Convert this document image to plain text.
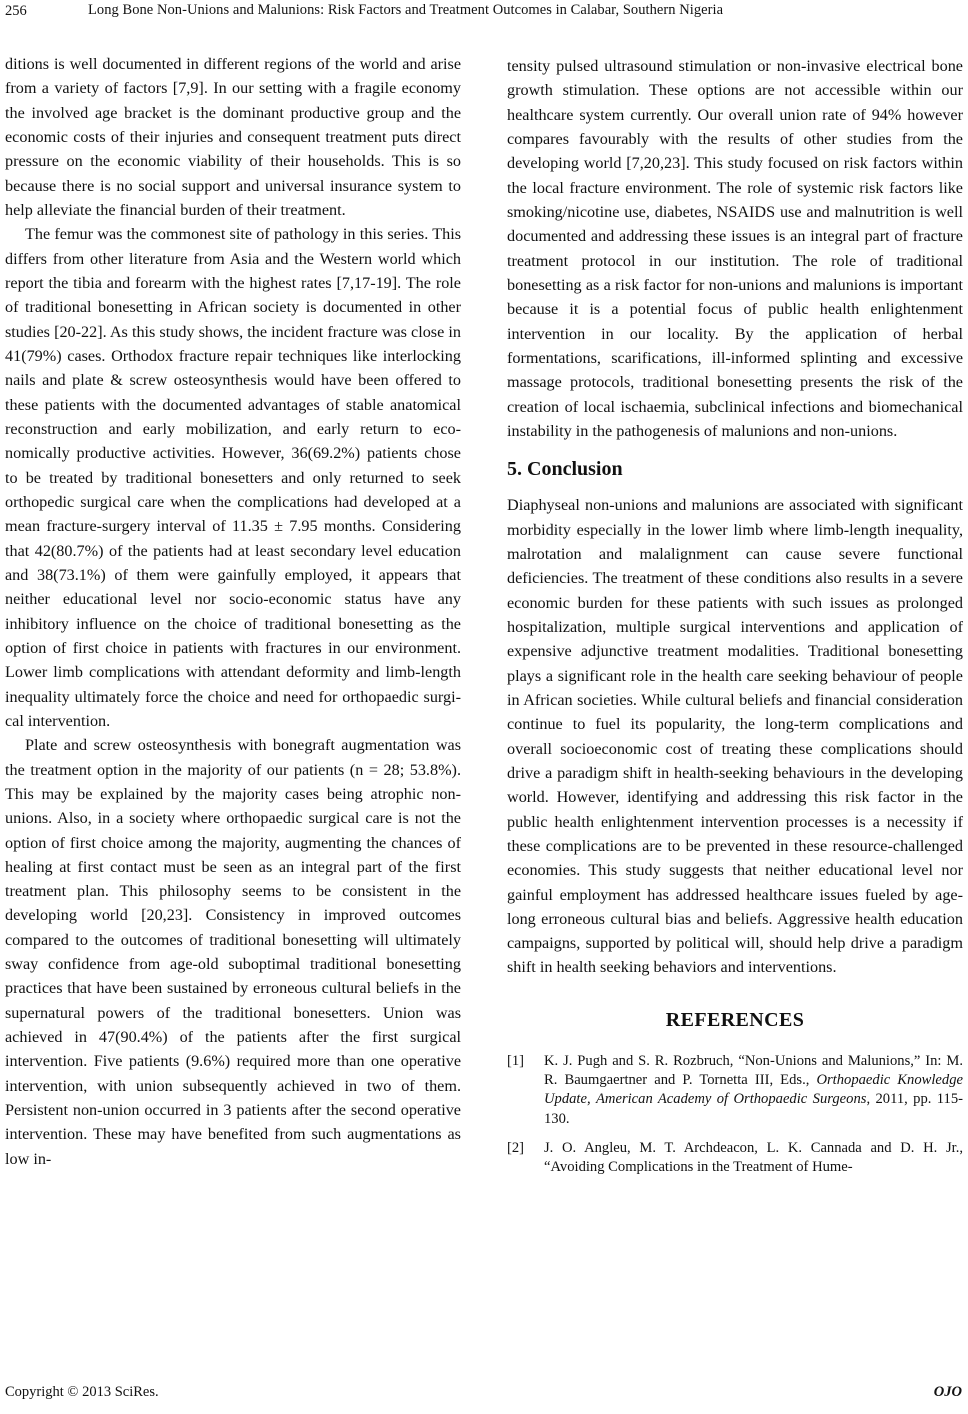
256	Long Bone Non-Unions and Malunions: Risk Factors and Treatment Outcomes in Calabar, Southern Nigeria

ditions is well documented in different regions of the world and arise from a variety of factors [7,9]. In our setting with a fragile economy the involved age bracket is the dominant productive group and the economic costs of their injuries and consequent treatment puts direct pressure on the economic viability of their households. This is so because there is no social support and universal insurance system to help alleviate the financial burden of their treatment.

The femur was the commonest site of pathology in this series. This differs from other literature from Asia and the Western world which report the tibia and forearm with the highest rates [7,17-19]. The role of traditional bonesetting in African society is documented in other studies [20-22]. As this study shows, the incident fracture was close in 41(79%) cases. Orthodox fracture repair techniques like interlocking nails and plate & screw osteosynthesis would have been offered to these patients with the documented advantages of stable anatomical reconstruction and early mobilization, and early return to economically productive activities. However, 36(69.2%) patients chose to be treated by traditional bonesetters and only returned to seek orthopedic surgical care when the complications had developed at a mean fracture-surgery interval of 11.35 ± 7.95 months. Considering that 42(80.7%) of the patients had at least secondary level education and 38(73.1%) of them were gainfully employed, it appears that neither educational level nor socio-economic status have any inhibitory influence on the choice of traditional bonesetting as the option of first choice in patients with fractures in our environment. Lower limb complications with attendant deformity and limb-length inequality ultimately force the choice and need for orthopaedic surgical intervention.

Plate and screw osteosynthesis with bonegraft augmentation was the treatment option in the majority of our patients (n = 28; 53.8%). This may be explained by the majority cases being atrophic non-unions. Also, in a society where orthopaedic surgical care is not the option of first choice among the majority, augmenting the chances of healing at first contact must be seen as an integral part of the first treatment plan. This philosophy seems to be consistent in the developing world [20,23]. Consistency in improved outcomes compared to the outcomes of traditional bonesetting will ultimately sway confidence from age-old suboptimal traditional bonesetting practices that have been sustained by erroneous cultural beliefs in the supernatural powers of the traditional bonesetters. Union was achieved in 47(90.4%) of the patients after the first surgical intervention. Five patients (9.6%) required more than one operative intervention, with union subsequently achieved in two of them. Persistent non-union occurred in 3 patients after the second operative intervention. These may have benefited from such augmentations as low in-

tensity pulsed ultrasound stimulation or non-invasive electrical bone growth stimulation. These options are not accessible within our healthcare system currently. Our overall union rate of 94% however compares favourably with the results of other studies from the developing world [7,20,23]. This study focused on risk factors within the local fracture environment. The role of systemic risk factors like smoking/nicotine use, diabetes, NSAIDS use and malnutrition is well documented and addressing these issues is an integral part of fracture treatment protocol in our institution. The role of traditional bonesetting as a risk factor for non-unions and malunions is important because it is a potential focus of public health enlightenment intervention in our locality. By the application of herbal formentations, scarifications, ill-informed splinting and excessive massage protocols, traditional bonesetting presents the risk of the creation of local ischaemia, subclinical infections and biomechanical instability in the pathogenesis of malunions and non-unions.

5. Conclusion

Diaphyseal non-unions and malunions are associated with significant morbidity especially in the lower limb where limb-length inequality, malrotation and malalignment can cause severe functional deficiencies. The treatment of these conditions also results in a severe economic burden for these patients with such issues as prolonged hospitalization, multiple surgical interventions and application of expensive adjunctive treatment modalities. Traditional bonesetting plays a significant role in the health care seeking behaviour of people in African societies. While cultural beliefs and financial consideration continue to fuel its popularity, the long-term complications and overall socioeconomic cost of treating these complications should drive a paradigm shift in health-seeking behaviours in the developing world. However, identifying and addressing this risk factor in the public health enlightenment intervention processes is a necessity if these complications are to be prevented in these resource-challenged economies. This study suggests that neither educational level nor gainful employment has addressed healthcare issues fueled by age-long erroneous cultural bias and beliefs. Aggressive health education campaigns, supported by political will, should help drive a paradigm shift in health seeking behaviors and interventions.

REFERENCES
[1] K. J. Pugh and S. R. Rozbruch, “Non-Unions and Malunions,” In: M. R. Baumgaertner and P. Tornetta III, Eds., Orthopaedic Knowledge Update, American Academy of Orthopaedic Surgeons, 2011, pp. 115-130.
[2] J. O. Angleu, M. T. Archdeacon, L. K. Cannada and D. H. Jr., “Avoiding Complications in the Treatment of Hume-
Copyright © 2013 SciRes.	OJO
